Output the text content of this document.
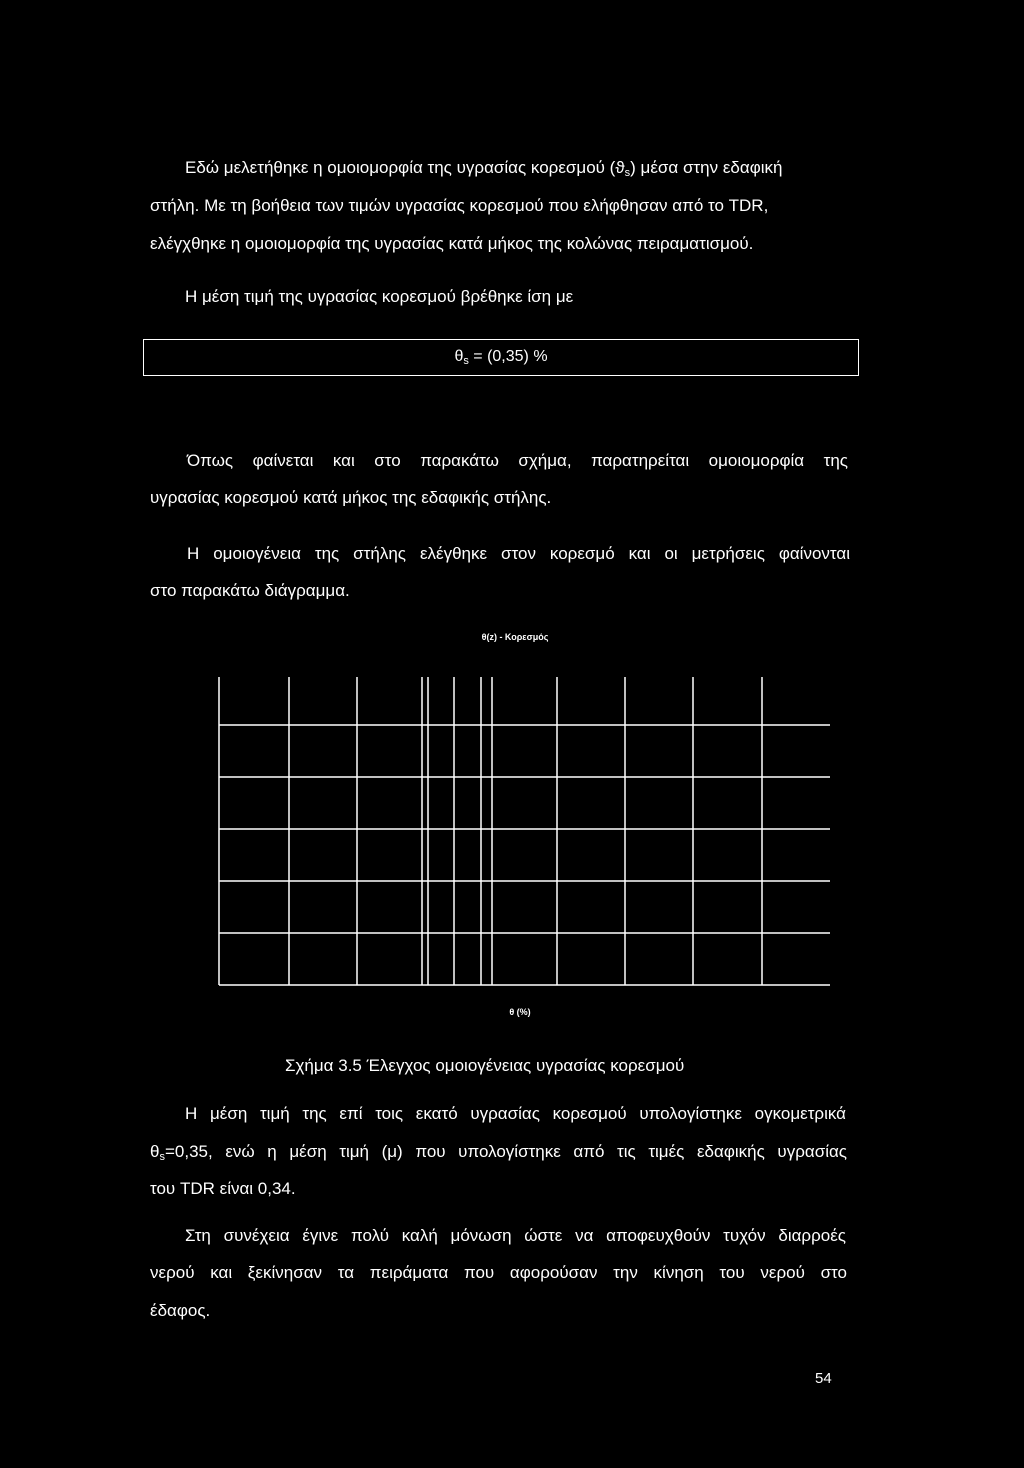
Εδώ μελετήθηκε η ομοιομορφία της υγρασίας κορεσμού $(ϑ_s)$ μέσα στην εδαφική

στήλη. Με τη βοήθεια των τιμών υγρασίας κορεσμού που ελήφθησαν από το TDR,

ελέγχθηκε η ομοιομορφία της υγρασίας κατά μήκος της κολώνας πειραματισμού.

Η μέση τιμή της υγρασίας κορεσμού βρέθηκε ίση με

$\theta_s = (0,35)$ %

Όπως φαίνεται και στο παρακάτω σχήμα, παρατηρείται ομοιομορφία της

υγρασίας κορεσμού κατά μήκος της εδαφικής στήλης.

Η ομοιογένεια της στήλης ελέγθηκε στον κορεσμό και οι μετρήσεις φαίνονται

στο παρακάτω διάγραμμα.

θ(z) - Κορεσμός
θ (%)

Σχήμα 3.5 Έλεγχος ομοιογένειας υγρασίας κορεσμού

Η μέση τιμή της επί τοις εκατό υγρασίας κορεσμού υπολογίστηκε ογκομετρικά

$\theta_s=0,35$, ενώ η μέση τιμή (μ) που υπολογίστηκε από τις τιμές εδαφικής υγρασίας

του TDR είναι 0,34.

Στη συνέχεια έγινε πολύ καλή μόνωση ώστε να αποφευχθούν τυχόν διαρροές

νερού και ξεκίνησαν τα πειράματα που αφορούσαν την κίνηση του νερού στο

έδαφος.

54
